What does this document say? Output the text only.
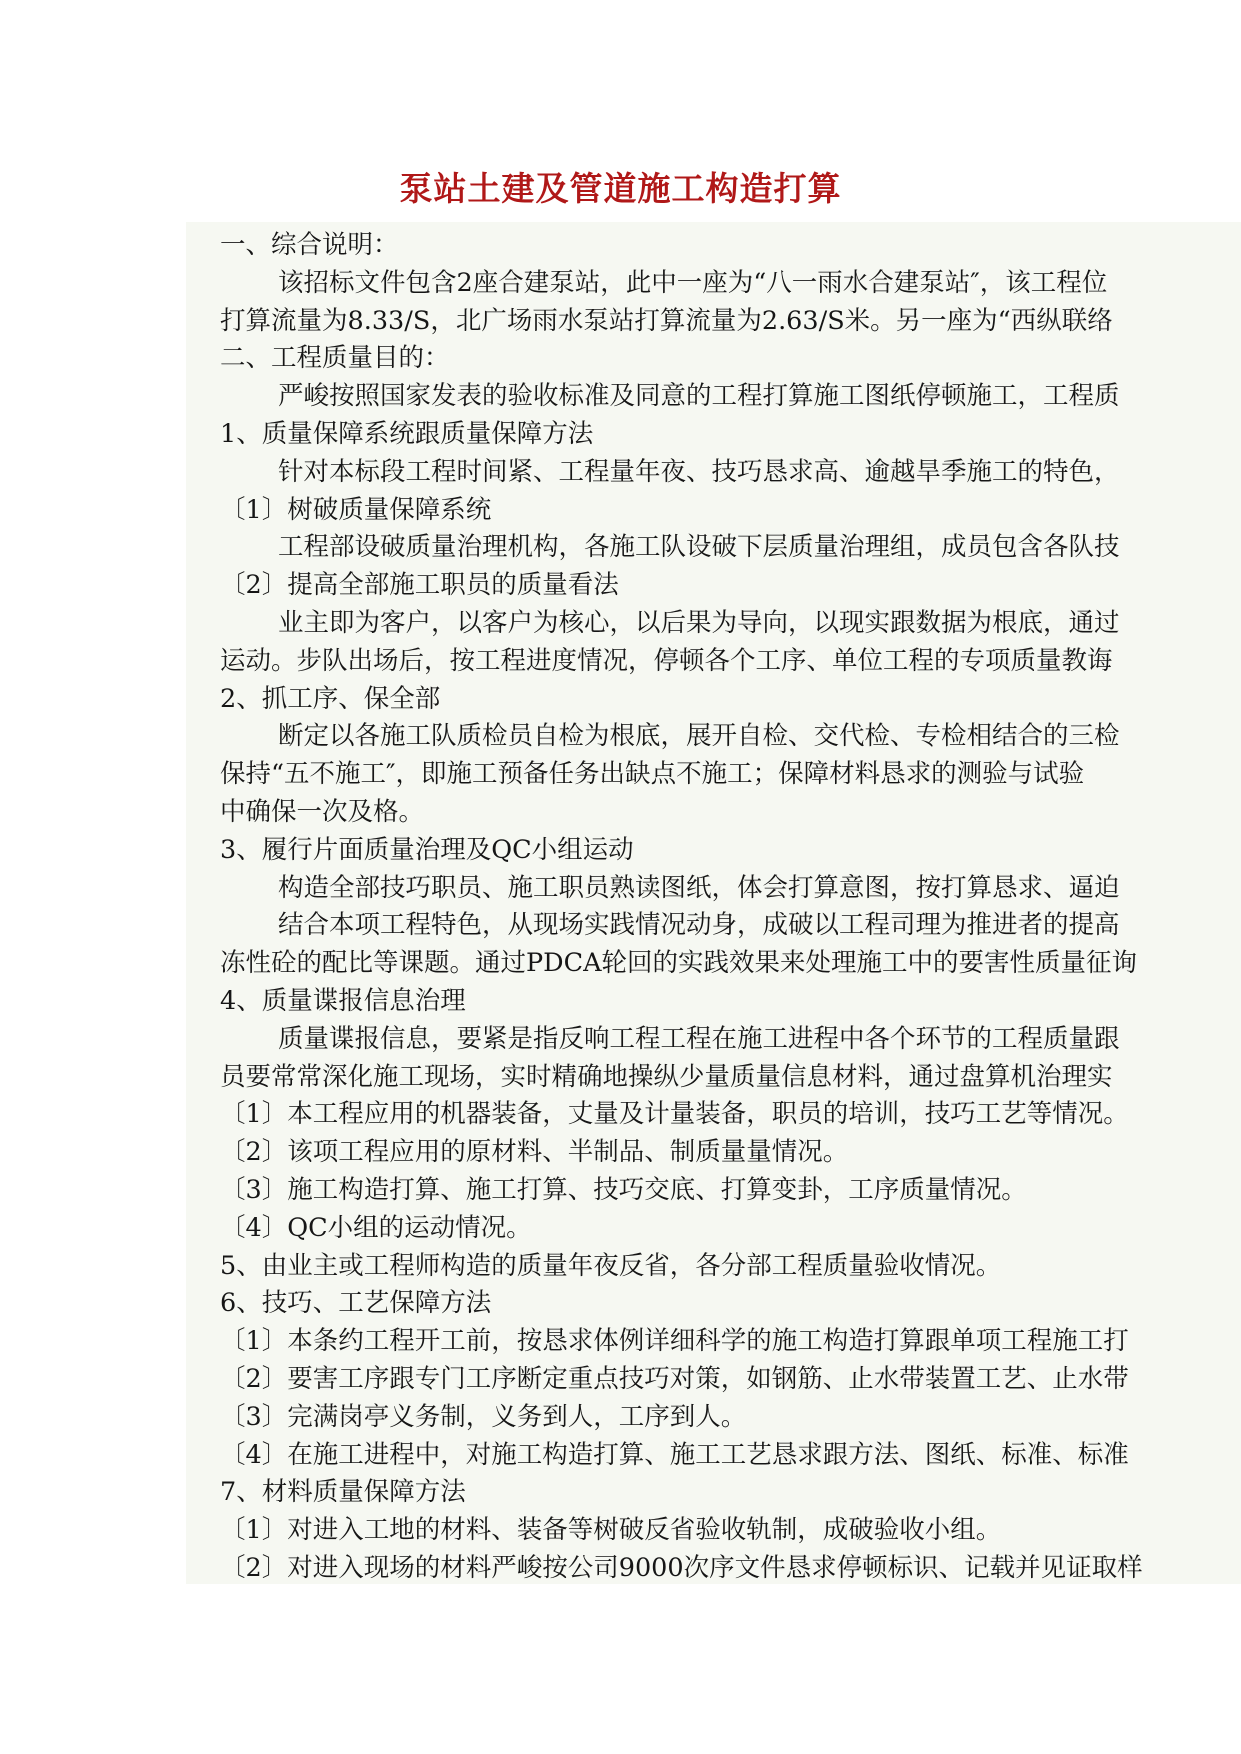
泵站土建及管道施工构造打算
一、综合说明：
该招标文件包含2座合建泵站，此中一座为“八一雨水合建泵站″，该工程位
打算流量为8.33/S，北广场雨水泵站打算流量为2.63/S米。另一座为“西纵联络
二、工程质量目的：
严峻按照国家发表的验收标准及同意的工程打算施工图纸停顿施工，工程质
1、质量保障系统跟质量保障方法
针对本标段工程时间紧、工程量年夜、技巧恳求高、逾越旱季施工的特色，
〔1〕树破质量保障系统
工程部设破质量治理机构，各施工队设破下层质量治理组，成员包含各队技
〔2〕提高全部施工职员的质量看法
业主即为客户，以客户为核心，以后果为导向，以现实跟数据为根底，通过
运动。步队出场后，按工程进度情况，停顿各个工序、单位工程的专项质量教诲
2、抓工序、保全部
断定以各施工队质检员自检为根底，展开自检、交代检、专检相结合的三检
保持“五不施工″，即施工预备任务出缺点不施工；保障材料恳求的测验与试验
中确保一次及格。
3、履行片面质量治理及QC小组运动
构造全部技巧职员、施工职员熟读图纸，体会打算意图，按打算恳求、逼迫
结合本项工程特色，从现场实践情况动身，成破以工程司理为推进者的提高
冻性砼的配比等课题。通过PDCA轮回的实践效果来处理施工中的要害性质量征询
4、质量谍报信息治理
质量谍报信息，要紧是指反响工程工程在施工进程中各个环节的工程质量跟
员要常常深化施工现场，实时精确地操纵少量质量信息材料，通过盘算机治理实
〔1〕本工程应用的机器装备，丈量及计量装备，职员的培训，技巧工艺等情况。
〔2〕该项工程应用的原材料、半制品、制质量量情况。
〔3〕施工构造打算、施工打算、技巧交底、打算变卦，工序质量情况。
〔4〕QC小组的运动情况。
5、由业主或工程师构造的质量年夜反省，各分部工程质量验收情况。
6、技巧、工艺保障方法
〔1〕本条约工程开工前，按恳求体例详细科学的施工构造打算跟单项工程施工打
〔2〕要害工序跟专门工序断定重点技巧对策，如钢筋、止水带装置工艺、止水带
〔3〕完满岗亭义务制，义务到人，工序到人。
〔4〕在施工进程中，对施工构造打算、施工工艺恳求跟方法、图纸、标准、标准
7、材料质量保障方法
〔1〕对进入工地的材料、装备等树破反省验收轨制，成破验收小组。
〔2〕对进入现场的材料严峻按公司9000次序文件恳求停顿标识、记载并见证取样
